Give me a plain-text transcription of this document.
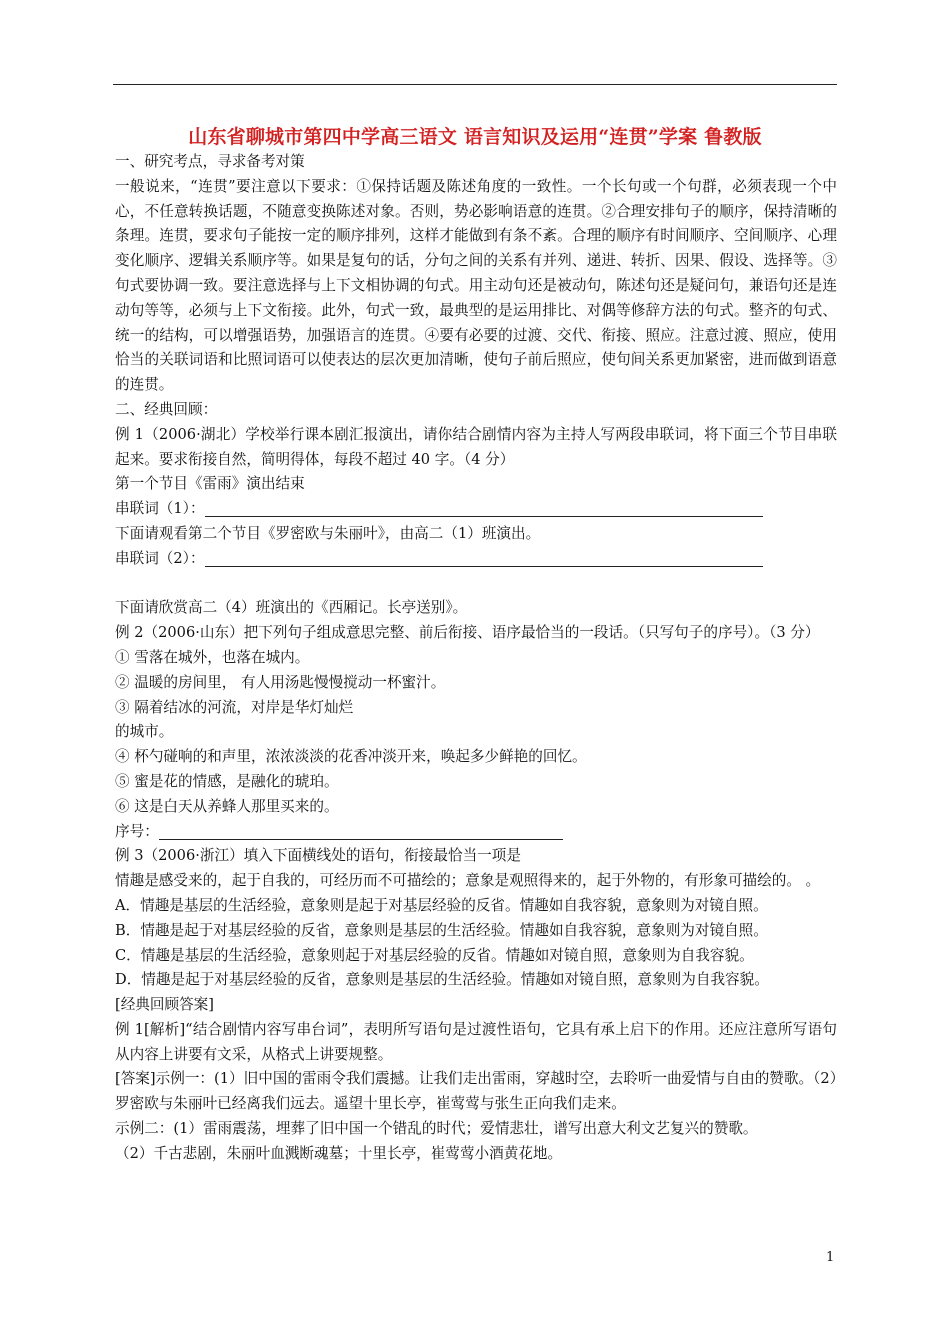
山东省聊城市第四中学高三语文 语言知识及运用“连贯”学案 鲁教版

一、研究考点，寻求备考对策

一般说来，“连贯”要注意以下要求：①保持话题及陈述角度的一致性。一个长句或一个句群，必须表现一个中心，不任意转换话题，不随意变换陈述对象。否则，势必影响语意的连贯。②合理安排句子的顺序，保持清晰的条理。连贯，要求句子能按一定的顺序排列，这样才能做到有条不紊。合理的顺序有时间顺序、空间顺序、心理变化顺序、逻辑关系顺序等。如果是复句的话，分句之间的关系有并列、递进、转折、因果、假设、选择等。③句式要协调一致。要注意选择与上下文相协调的句式。用主动句还是被动句，陈述句还是疑问句，兼语句还是连动句等等，必须与上下文衔接。此外，句式一致，最典型的是运用排比、对偶等修辞方法的句式。整齐的句式、统一的结构，可以增强语势，加强语言的连贯。④要有必要的过渡、交代、衔接、照应。注意过渡、照应，使用恰当的关联词语和比照词语可以使表达的层次更加清晰，使句子前后照应，使句间关系更加紧密，进而做到语意的连贯。

二、经典回顾：

例 1（2006·湖北）学校举行课本剧汇报演出，请你结合剧情内容为主持人写两段串联词，将下面三个节目串联起来。要求衔接自然，简明得体，每段不超过 40 字。（4 分）

第一个节目《雷雨》演出结束

串联词（1）：

下面请观看第二个节目《罗密欧与朱丽叶》，由高二（1）班演出。

串联词（2）：

下面请欣赏高二（4）班演出的《西厢记。长亭送别》。

例 2（2006·山东）把下列句子组成意思完整、前后衔接、语序最恰当的一段话。（只写句子的序号）。（3 分）

① 雪落在城外，也落在城内。

② 温暖的房间里， 有人用汤匙慢慢搅动一杯蜜汁。

③ 隔着结冰的河流，对岸是华灯灿烂

的城市。

④ 杯勺碰响的和声里，浓浓淡淡的花香冲淡开来，唤起多少鲜艳的回忆。

⑤ 蜜是花的情感，是融化的琥珀。

⑥ 这是白天从养蜂人那里买来的。

序号：

例 3（2006·浙江）填入下面横线处的语句，衔接最恰当一项是

情趣是感受来的，起于自我的，可经历而不可描绘的；意象是观照得来的，起于外物的，有形象可描绘的。 。

A．情趣是基层的生活经验，意象则是起于对基层经验的反省。情趣如自我容貌，意象则为对镜自照。

B．情趣是起于对基层经验的反省，意象则是基层的生活经验。情趣如自我容貌，意象则为对镜自照。

C．情趣是基层的生活经验，意象则起于对基层经验的反省。情趣如对镜自照，意象则为自我容貌。

D．情趣是起于对基层经验的反省，意象则是基层的生活经验。情趣如对镜自照，意象则为自我容貌。

[经典回顾答案]

例 1[解析]“结合剧情内容写串台词”，表明所写语句是过渡性语句，它具有承上启下的作用。还应注意所写语句从内容上讲要有文采，从格式上讲要规整。

[答案]示例一：(1）旧中国的雷雨令我们震撼。让我们走出雷雨，穿越时空，去聆听一曲爱情与自由的赞歌。（2）罗密欧与朱丽叶已经离我们远去。遥望十里长亭，崔莺莺与张生正向我们走来。

示例二：(1）雷雨震荡，埋葬了旧中国一个错乱的时代；爱情悲壮，谱写出意大利文艺复兴的赞歌。

（2）千古悲剧，朱丽叶血溅断魂墓；十里长亭，崔莺莺小酒黄花地。

1
